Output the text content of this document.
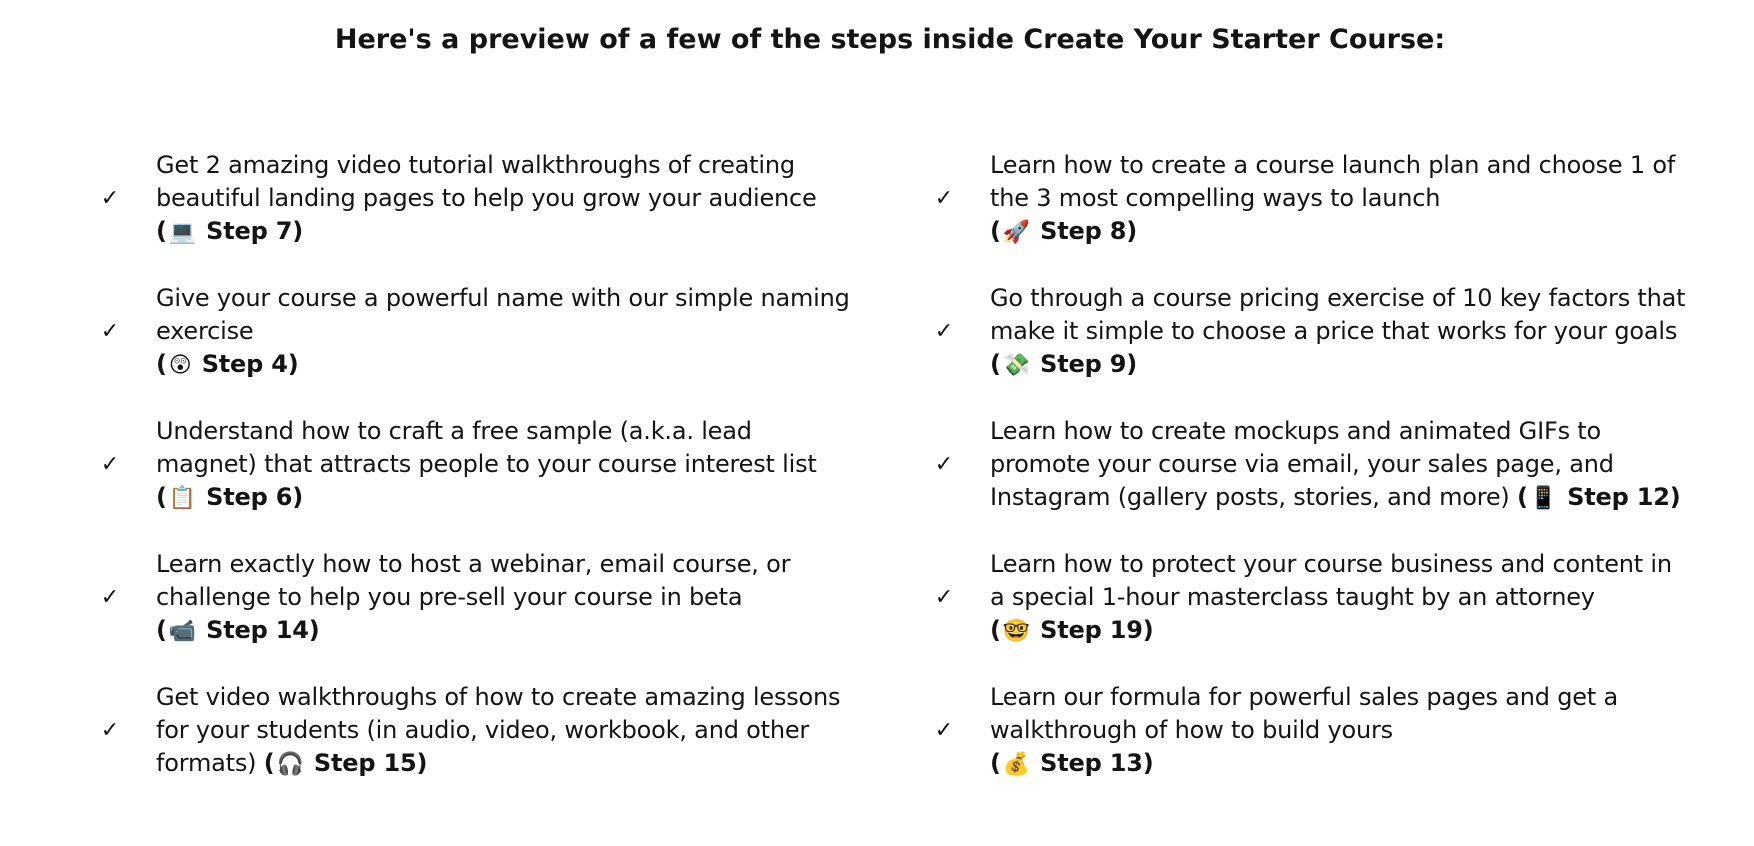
Here's a preview of a few of the steps inside Create Your Starter Course:
✓
Get 2 amazing video tutorial walkthroughs of creating beautiful landing pages to help you grow your audience
(💻 Step 7)
✓
Give your course a powerful name with our simple naming exercise
(😲 Step 4)
✓
Understand how to craft a free sample (a.k.a. lead magnet) that attracts people to your course interest list
(📋 Step 6)
✓
Learn exactly how to host a webinar, email course, or challenge to help you pre-sell your course in beta
(📹 Step 14)
✓
Get video walkthroughs of how to create amazing lessons for your students (in audio, video, workbook, and other formats) (🎧 Step 15)
✓
Learn how to create a course launch plan and choose 1 of the 3 most compelling ways to launch
(🚀 Step 8)
✓
Go through a course pricing exercise of 10 key factors that make it simple to choose a price that works for your goals (💸 Step 9)
✓
Learn how to create mockups and animated GIFs to promote your course via email, your sales page, and Instagram (gallery posts, stories, and more) (📱 Step 12)
✓
Learn how to protect your course business and content in a special 1-hour masterclass taught by an attorney
(🤓 Step 19)
✓
Learn our formula for powerful sales pages and get a walkthrough of how to build yours
(💰 Step 13)
